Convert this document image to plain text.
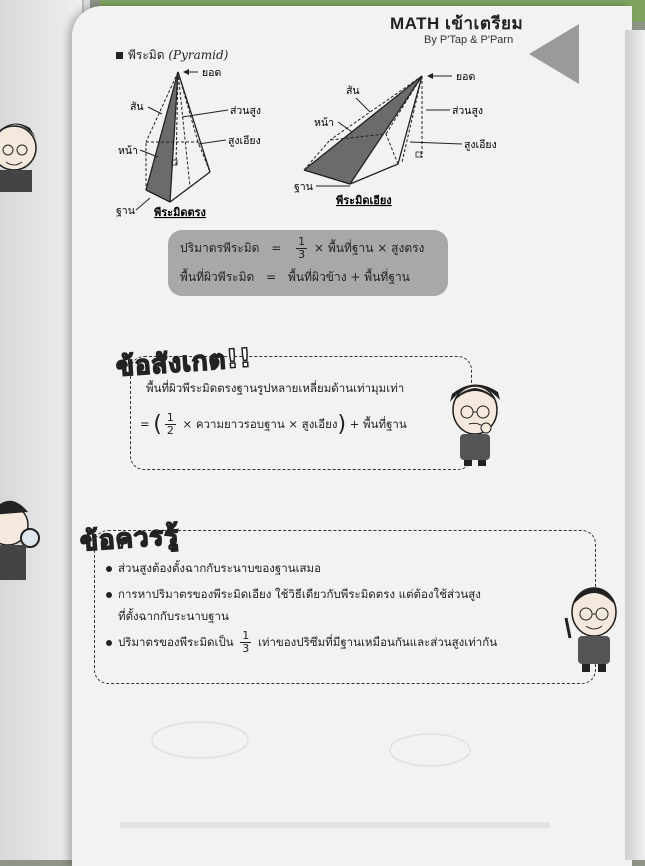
MATH เข้าเตรียม
By P'Tap & P'Parn
พีระมิด (Pyramid)
ยอด
สัน	ส่วนสูง
หน้า
สูงเอียง
ฐาน พีระมิดตรง
ยอด
สัน
ส่วนสูง
หน้า
สูงเอียง
ฐาน
พีระมิดเอียง
ปริมาตรพีระมิด = $\frac{1}{3}$ × พื้นที่ฐาน × สูงตรง
พื้นที่ผิวพีระมิด = พื้นที่ผิวข้าง + พื้นที่ฐาน
ข้อสังเกต!!
พื้นที่ผิวพีระมิดตรงฐานรูปหลายเหลี่ยมด้านเท่ามุมเท่า
= ( $\frac{1}{2}$ × ความยาวรอบฐาน × สูงเอียง) + พื้นที่ฐาน
ข้อควรรู้
ส่วนสูงต้องตั้งฉากกับระนาบของฐานเสมอ
การหาปริมาตรของพีระมิดเอียง ใช้วิธีเดียวกับพีระมิดตรง แต่ต้องใช้ส่วนสูง
ที่ตั้งฉากกับระนาบฐาน
ปริมาตรของพีระมิดเป็น $\frac{1}{3}$ เท่าของปริซึมที่มีฐานเหมือนกันและส่วนสูงเท่ากัน
